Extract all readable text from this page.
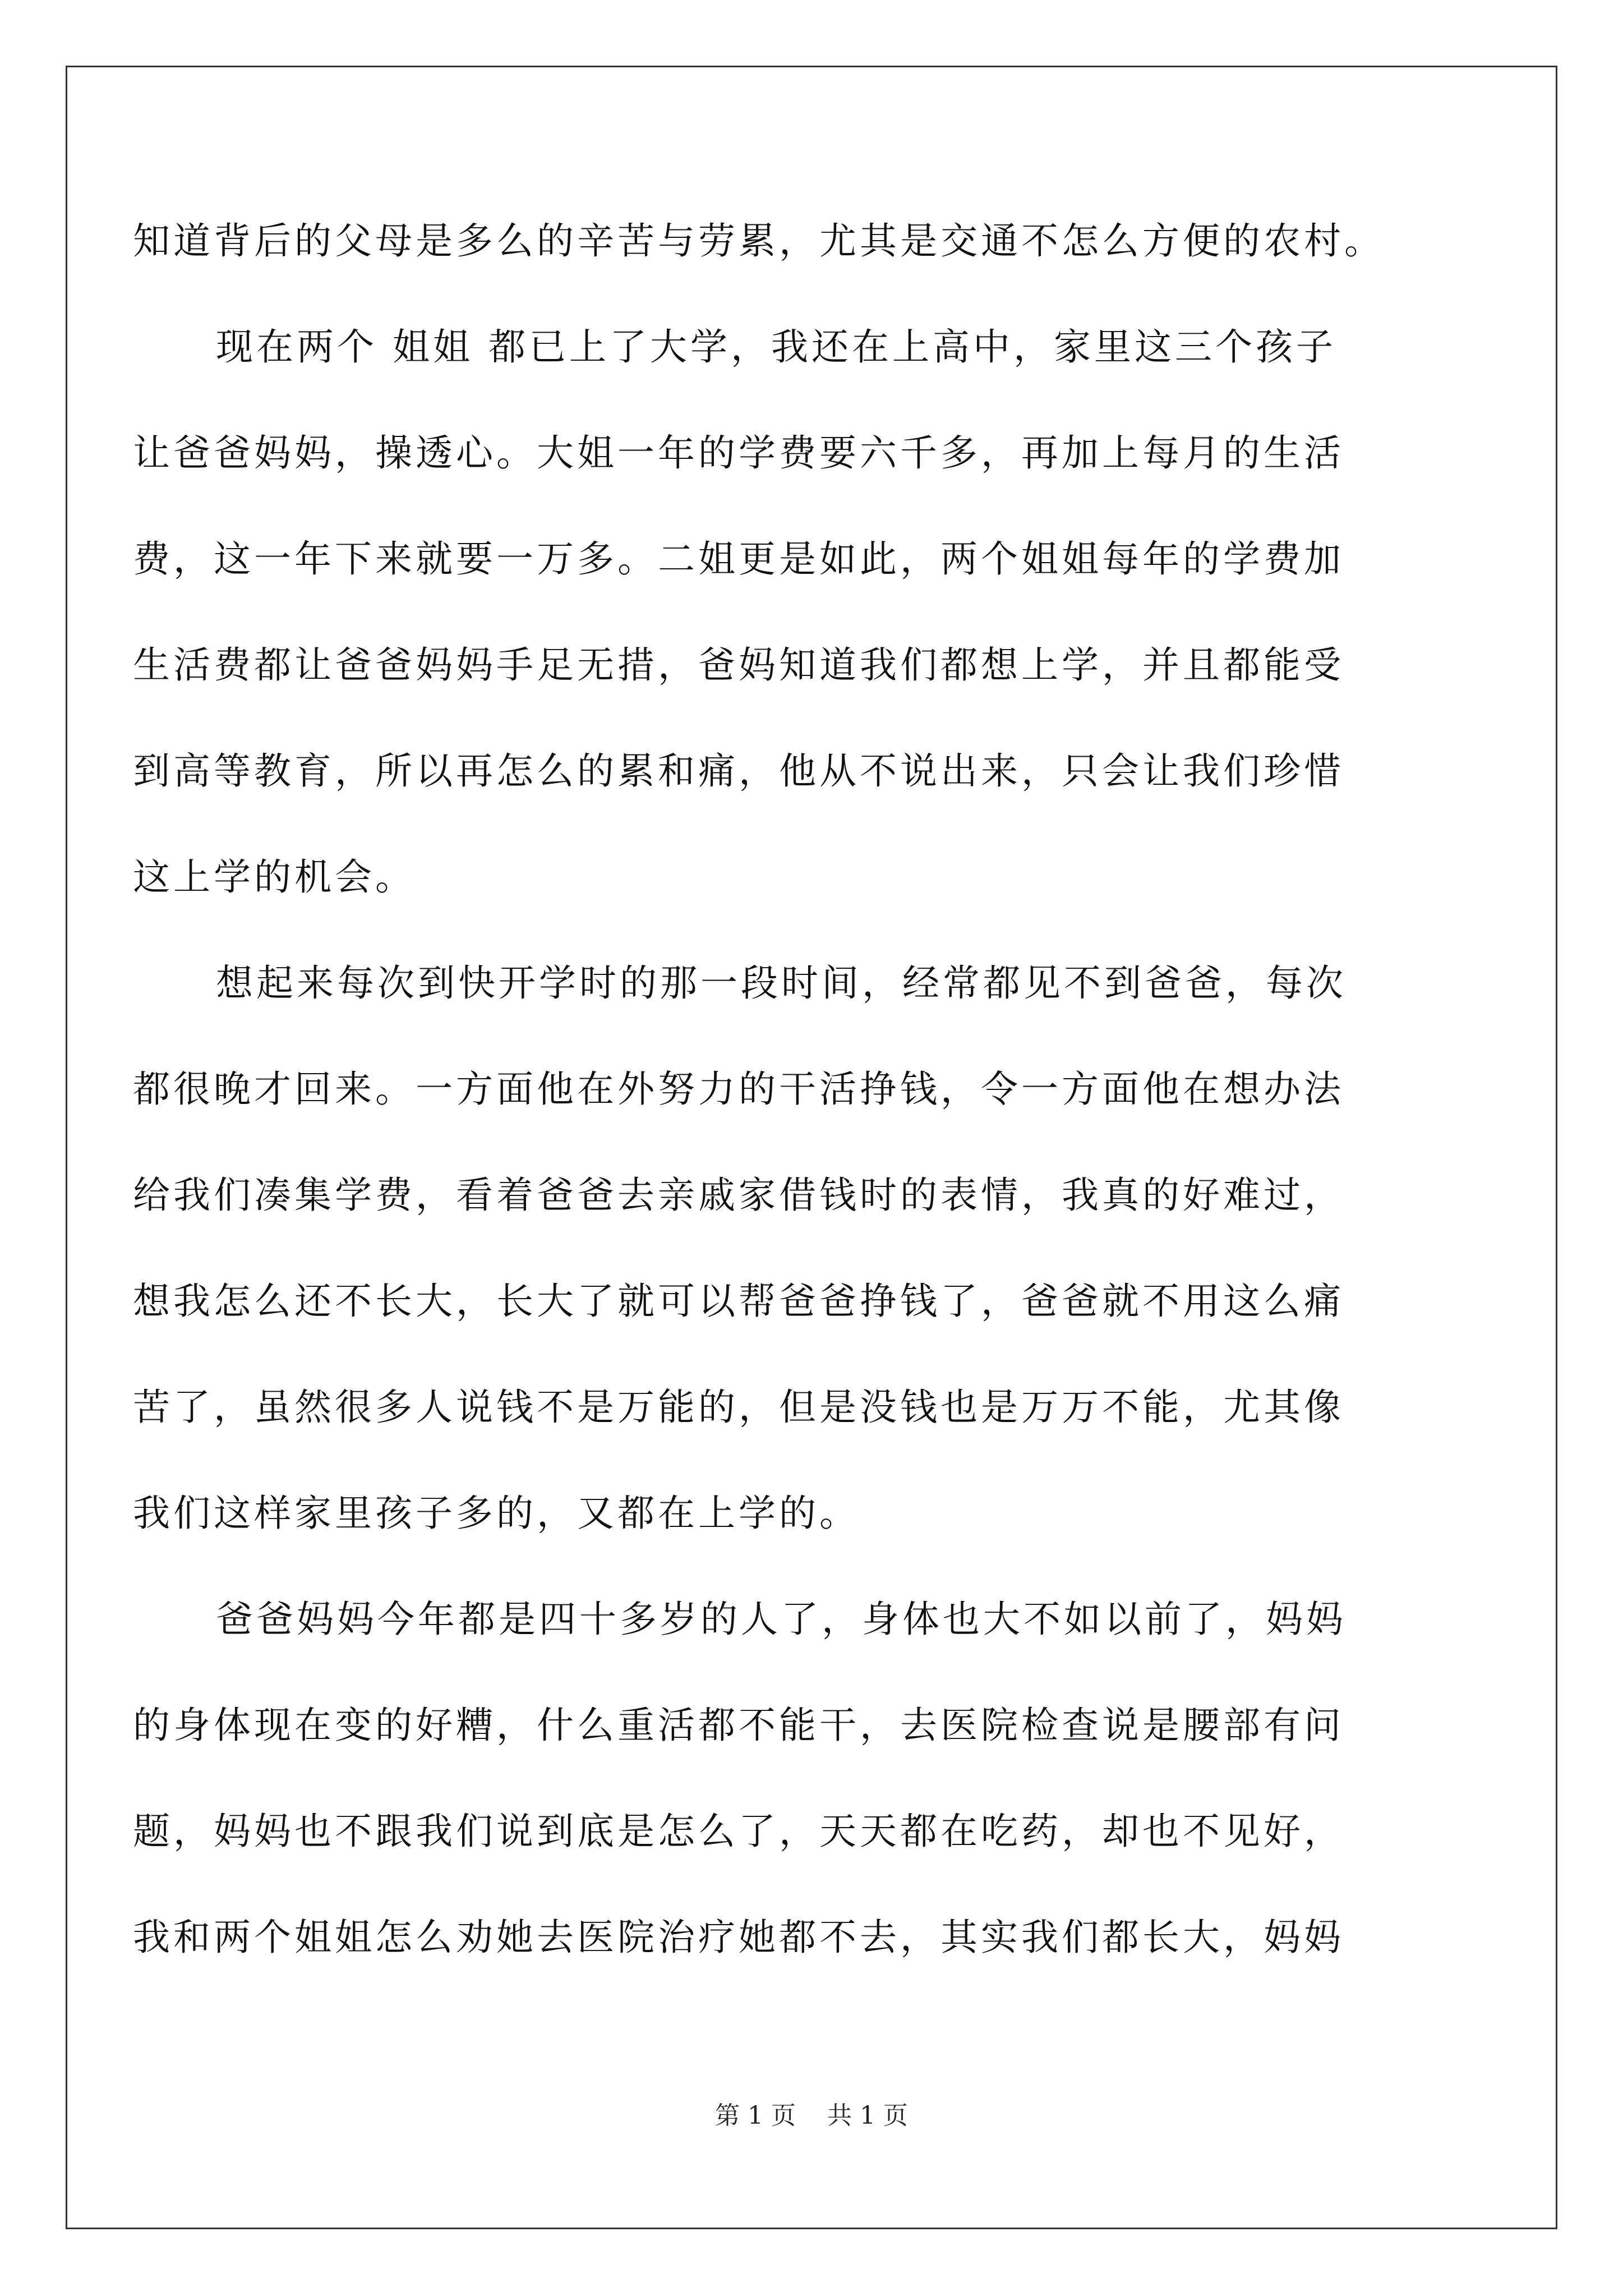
知道背后的父母是多么的辛苦与劳累，尤其是交通不怎么方便的农村。
现在两个 姐姐 都已上了大学，我还在上高中，家里这三个孩子
让爸爸妈妈，操透心。大姐一年的学费要六千多，再加上每月的生活
费，这一年下来就要一万多。二姐更是如此，两个姐姐每年的学费加
生活费都让爸爸妈妈手足无措，爸妈知道我们都想上学，并且都能受
到高等教育，所以再怎么的累和痛，他从不说出来，只会让我们珍惜
这上学的机会。
想起来每次到快开学时的那一段时间，经常都见不到爸爸，每次
都很晚才回来。一方面他在外努力的干活挣钱，令一方面他在想办法
给我们凑集学费，看着爸爸去亲戚家借钱时的表情，我真的好难过，
想我怎么还不长大，长大了就可以帮爸爸挣钱了，爸爸就不用这么痛
苦了，虽然很多人说钱不是万能的，但是没钱也是万万不能，尤其像
我们这样家里孩子多的，又都在上学的。
爸爸妈妈今年都是四十多岁的人了，身体也大不如以前了，妈妈
的身体现在变的好糟，什么重活都不能干，去医院检查说是腰部有问
题，妈妈也不跟我们说到底是怎么了，天天都在吃药，却也不见好，
我和两个姐姐怎么劝她去医院治疗她都不去，其实我们都长大，妈妈
第 1 页    共 1 页
